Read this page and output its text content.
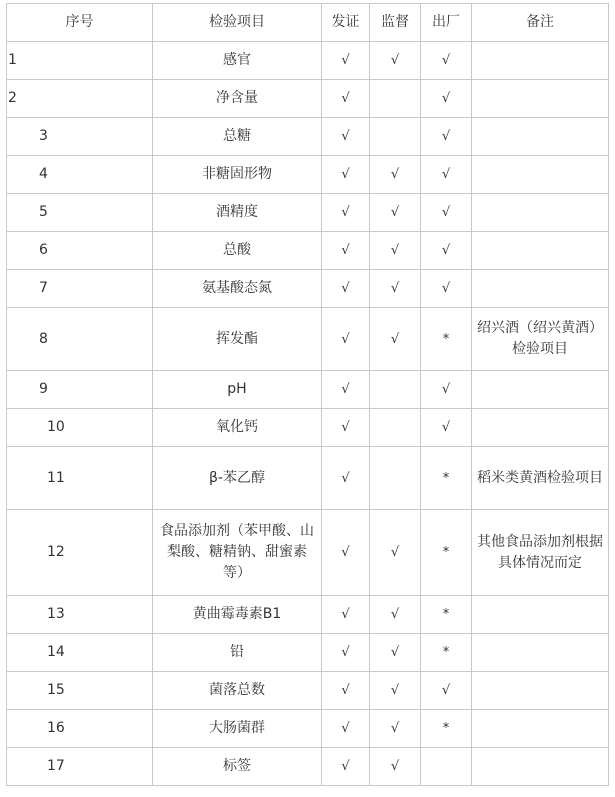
序号	检验项目	发证	监督	出厂	备注
1	感官	√	√	√	
2	净含量	√		√	
3	总糖	√		√	
4	非糖固形物	√	√	√	
5	酒精度	√	√	√	
6	总酸	√	√	√	
7	氨基酸态氮	√	√	√	
8	挥发酯	√	√	*	绍兴酒（绍兴黄酒）检验项目
9	pH	√		√	
10	氧化钙	√		√	
11	β-苯乙醇	√		*	稻米类黄酒检验项目
12	食品添加剂（苯甲酸、山梨酸、糖精钠、甜蜜素等）	√	√	*	其他食品添加剂根据具体情况而定
13	黄曲霉毒素B1	√	√	*	
14	铅	√	√	*	
15	菌落总数	√	√	√	
16	大肠菌群	√	√	*	
17	标签	√	√		
